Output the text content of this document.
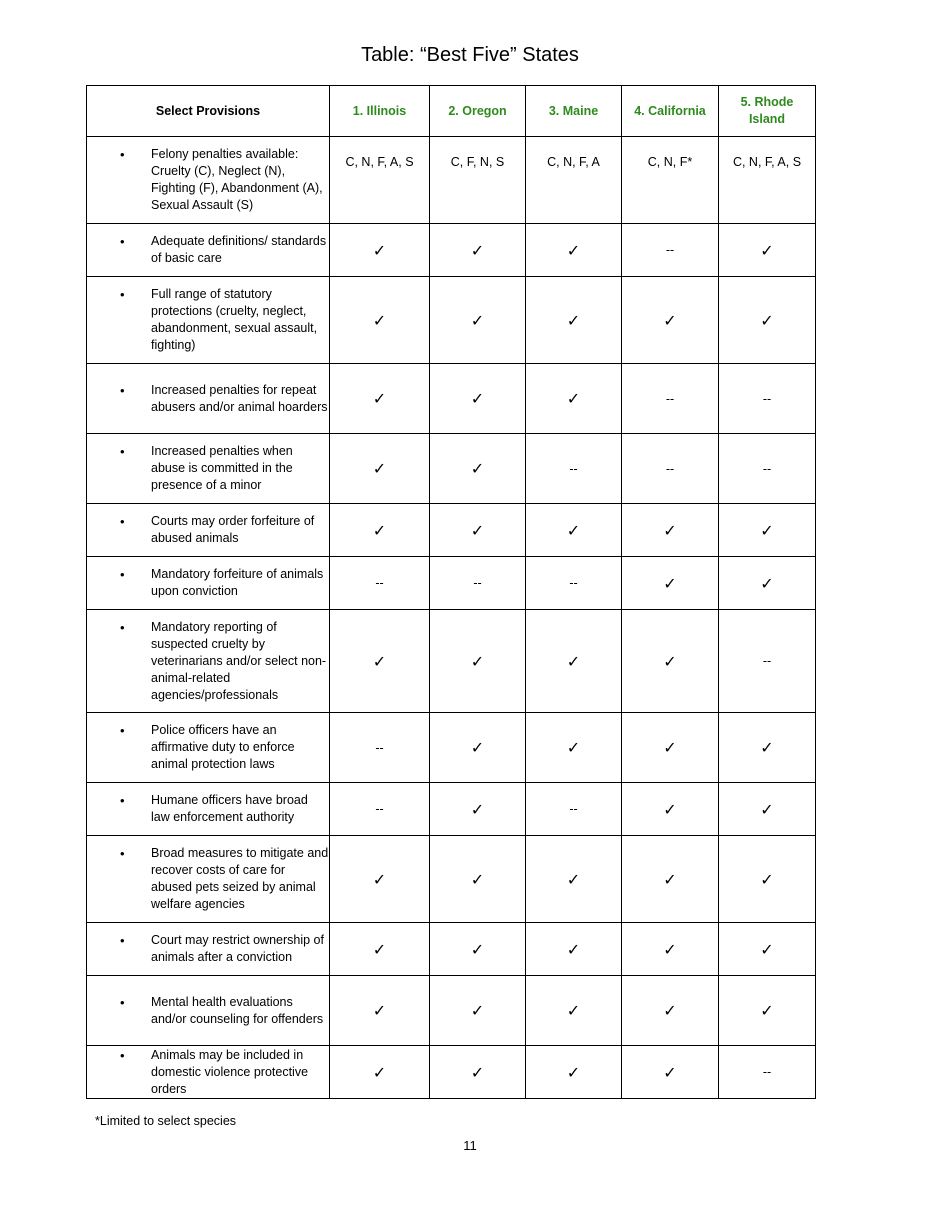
Table: “Best Five” States
Select Provisions	1. Illinois	2. Oregon	3. Maine	4. California	5. Rhode Island

• Felony penalties available: Cruelty (C), Neglect (N), Fighting (F), Abandonment (A), Sexual Assault (S)	C, N, F, A, S	C, F, N, S	C, N, F, A	C, N, F*	C, N, F, A, S

• Adequate definitions/ standards of basic care	✓	✓	✓	--	✓

• Full range of statutory protections (cruelty, neglect, abandonment, sexual assault, fighting)	✓	✓	✓	✓	✓

• Increased penalties for repeat abusers and/or animal hoarders	✓	✓	✓	--	--

• Increased penalties when abuse is committed in the presence of a minor	✓	✓	--	--	--

• Courts may order forfeiture of abused animals	✓	✓	✓	✓	✓

• Mandatory forfeiture of animals upon conviction	--	--	--	✓	✓

• Mandatory reporting of suspected cruelty by veterinarians and/or select non-animal-related agencies/professionals	✓	✓	✓	✓	--

• Police officers have an affirmative duty to enforce animal protection laws	--	✓	✓	✓	✓

• Humane officers have broad law enforcement authority	--	✓	--	✓	✓

• Broad measures to mitigate and recover costs of care for abused pets seized by animal welfare agencies	✓	✓	✓	✓	✓

• Court may restrict ownership of animals after a conviction	✓	✓	✓	✓	✓

• Mental health evaluations and/or counseling for offenders	✓	✓	✓	✓	✓

• Animals may be included in domestic violence protective orders	✓	✓	✓	✓	--
*Limited to select species
11
